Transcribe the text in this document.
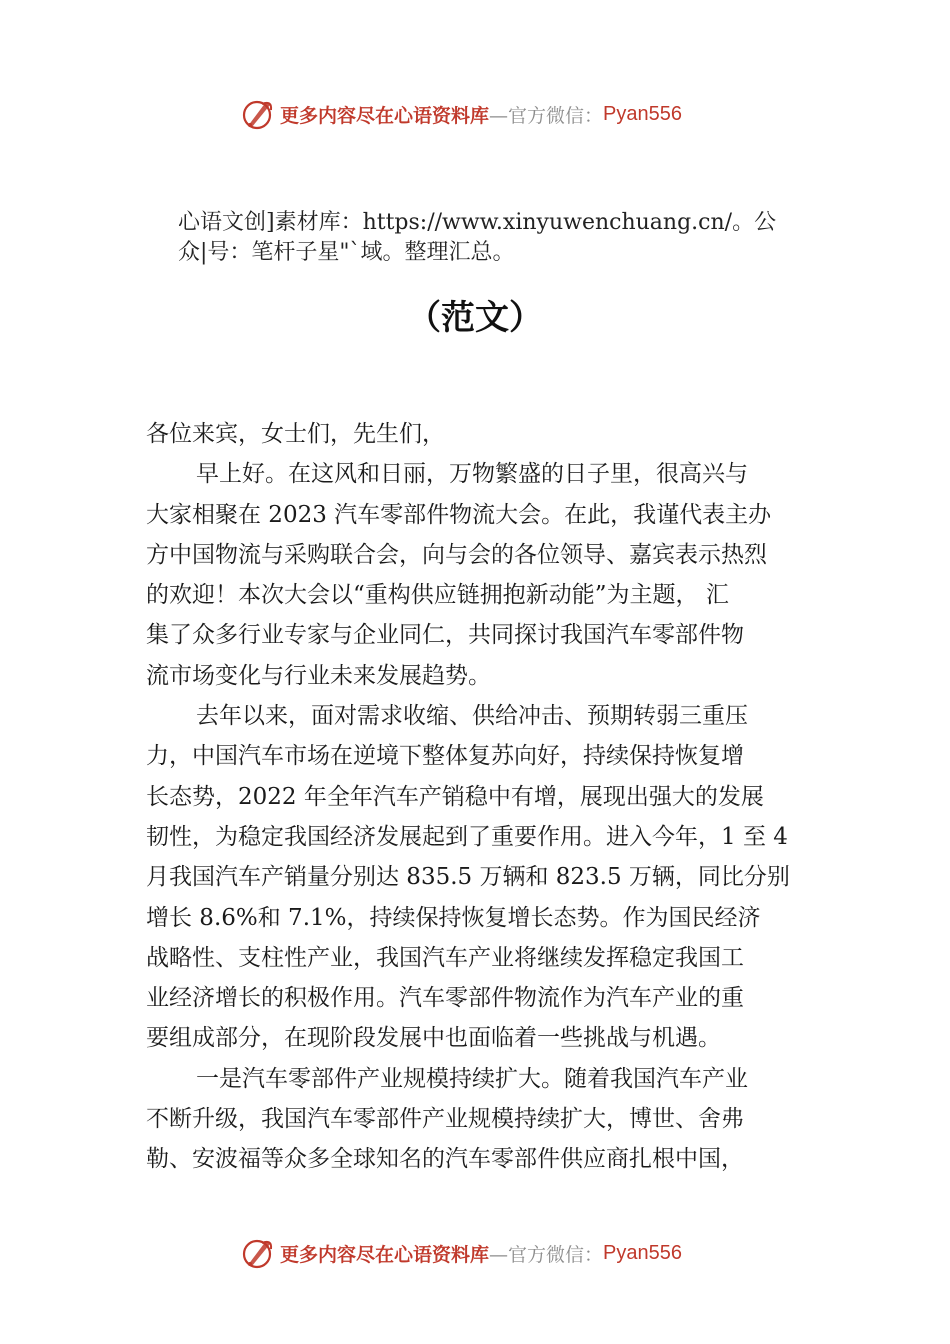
更多内容尽在心语资料库 —官方微信： Pyan556
心语文创]素材库：https://www.xinyuwenchuang.cn/。公
众|号：笔杆子星"`域。整理汇总。
（范文）
各位来宾，女士们，先生们，
早上好。在这风和日丽，万物繁盛的日子里，很高兴与
大家相聚在 2023 汽车零部件物流大会。在此，我谨代表主办
方中国物流与采购联合会，向与会的各位领导、嘉宾表示热烈
的欢迎！本次大会以“重构供应链拥抱新动能”为主题， 汇
集了众多行业专家与企业同仁，共同探讨我国汽车零部件物
流市场变化与行业未来发展趋势。
去年以来，面对需求收缩、供给冲击、预期转弱三重压
力，中国汽车市场在逆境下整体复苏向好，持续保持恢复增
长态势，2022 年全年汽车产销稳中有增，展现出强大的发展
韧性，为稳定我国经济发展起到了重要作用。进入今年，1 至 4
月我国汽车产销量分别达 835.5 万辆和 823.5 万辆，同比分别
增长 8.6%和 7.1%，持续保持恢复增长态势。作为国民经济
战略性、支柱性产业，我国汽车产业将继续发挥稳定我国工
业经济增长的积极作用。汽车零部件物流作为汽车产业的重
要组成部分，在现阶段发展中也面临着一些挑战与机遇。
一是汽车零部件产业规模持续扩大。随着我国汽车产业
不断升级，我国汽车零部件产业规模持续扩大，博世、舍弗
勒、安波福等众多全球知名的汽车零部件供应商扎根中国，
更多内容尽在心语资料库 —官方微信： Pyan556
